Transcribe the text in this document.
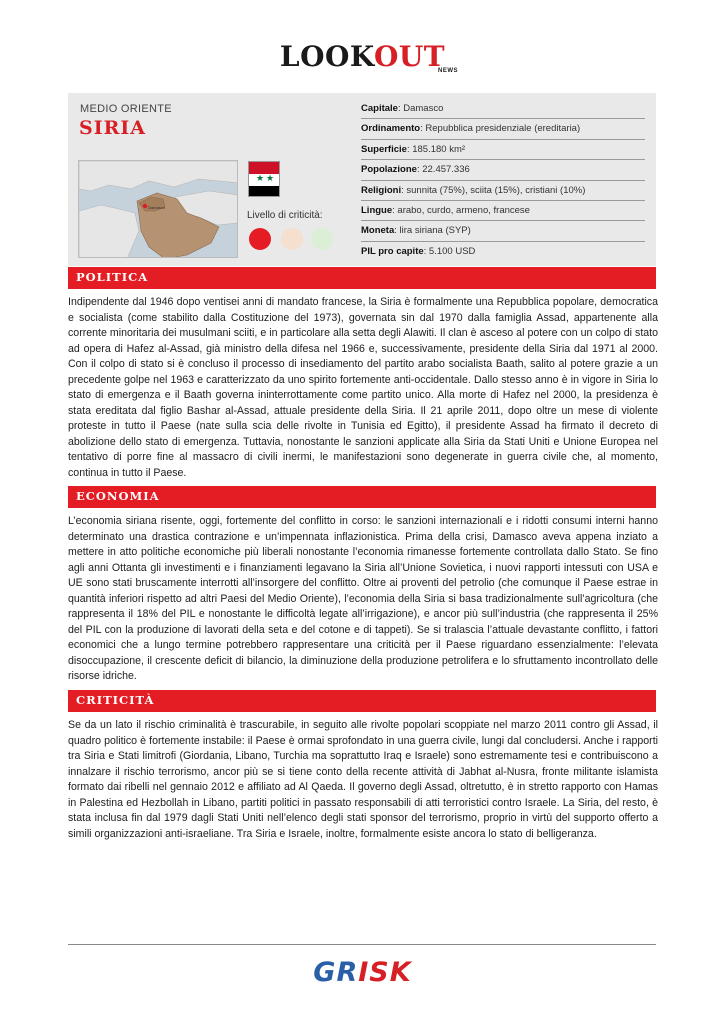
LOOKOUT
NEWS
MEDIO ORIENTE
SIRIA
Damasco
★ ★
Livello di criticità:
Capitale: Damasco
Ordinamento: Repubblica presidenziale (ereditaria)
Superficie: 185.180 km²
Popolazione: 22.457.336
Religioni: sunnita (75%), sciita (15%), cristiani (10%)
Lingue: arabo, curdo, armeno, francese
Moneta: lira siriana (SYP)
PIL pro capite: 5.100 USD
POLITICA
Indipendente dal 1946 dopo ventisei anni di mandato francese, la Siria è formalmente una Repubblica popolare, democratica e socialista (come stabilito dalla Costituzione del 1973), governata sin dal 1970 dalla famiglia Assad, appartenente alla corrente minoritaria dei musulmani sciiti, e in particolare alla setta degli Alawiti. Il clan è asceso al potere con un colpo di stato ad opera di Hafez al-Assad, già ministro della difesa nel 1966 e, successivamente, presidente della Siria dal 1971 al 2000. Con il colpo di stato si è concluso il processo di insediamento del partito arabo socialista Baath, salito al potere grazie a un precedente golpe nel 1963 e caratterizzato da uno spirito fortemente anti-occidentale. Dallo stesso anno è in vigore in Siria lo stato di emergenza e il Baath governa ininterrottamente come partito unico. Alla morte di Hafez nel 2000, la presidenza è stata ereditata dal figlio Bashar al-Assad, attuale presidente della Siria. Il 21 aprile 2011, dopo oltre un mese di violente proteste in tutto il Paese (nate sulla scia delle rivolte in Tunisia ed Egitto), il presidente Assad ha firmato il decreto di abolizione dello stato di emergenza. Tuttavia, nonostante le sanzioni applicate alla Siria da Stati Uniti e Unione Europea nel tentativo di porre fine al massacro di civili inermi, le manifestazioni sono degenerate in guerra civile che, al momento, continua in tutto il Paese.
ECONOMIA
L’economia siriana risente, oggi, fortemente del conflitto in corso: le sanzioni internazionali e i ridotti consumi interni hanno determinato una drastica contrazione e un’impennata inflazionistica. Prima della crisi, Damasco aveva appena inziato a mettere in atto politiche economiche più liberali nonostante l’economia rimanesse fortemente controllata dallo Stato. Se fino agli anni Ottanta gli investimenti e i finanziamenti legavano la Siria all’Unione Sovietica, i nuovi rapporti intessuti con USA e UE sono stati bruscamente interrotti all’insorgere del conflitto. Oltre ai proventi del petrolio (che comunque il Paese estrae in quantità inferiori rispetto ad altri Paesi del Medio Oriente), l’economia della Siria si basa tradizionalmente sull’agricoltura (che rappresenta il 18% del PIL e nonostante le difficoltà legate all’irrigazione), e ancor più sull’industria (che rappresenta il 25% del PIL con la produzione di lavorati della seta e del cotone e di tappeti). Se si tralascia l’attuale devastante conflitto, i fattori economici che a lungo termine potrebbero rappresentare una criticità per il Paese riguardano essenzialmente: l’elevata disoccupazione, il crescente deficit di bilancio, la diminuzione della produzione petrolifera e lo sfruttamento incontrollato delle risorse idriche.
CRITICITÀ
Se da un lato il rischio criminalità è trascurabile, in seguito alle rivolte popolari scoppiate nel marzo 2011 contro gli Assad, il quadro politico è fortemente instabile: il Paese è ormai sprofondato in una guerra civile, lungi dal concludersi. Anche i rapporti tra Siria e Stati limitrofi (Giordania, Libano, Turchia ma soprattutto Iraq e Israele) sono estremamente tesi e contribuiscono a innalzare il rischio terrorismo, ancor più se si tiene conto della recente attività di Jabhat al-Nusra, fronte militante islamista formato dai ribelli nel gennaio 2012 e affiliato ad Al Qaeda. Il governo degli Assad, oltretutto, è in stretto rapporto con Hamas in Palestina ed Hezbollah in Libano, partiti politici in passato responsabili di atti terroristici contro Israele. La Siria, del resto, è stata inclusa fin dal 1979 dagli Stati Uniti nell’elenco degli stati sponsor del terrorismo, proprio in virtù del supporto offerto a simili organizzazioni anti-israeliane. Tra Siria e Israele, inoltre, formalmente esiste ancora lo stato di belligeranza.
GRISK
